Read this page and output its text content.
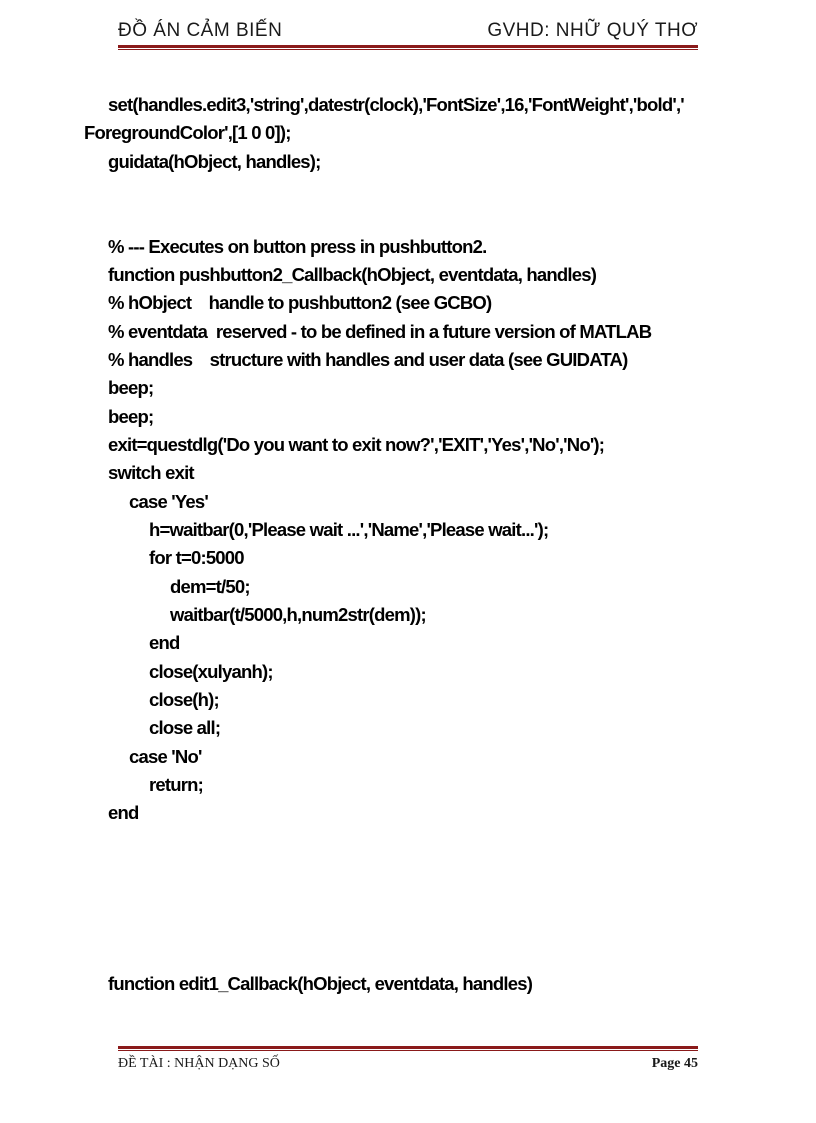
ĐỒ ÁN CẢM BIẾN	GVHD: NHỮ QUÝ THƠ

set(handles.edit3,'string',datestr(clock),'FontSize',16,'FontWeight','bold','

ForegroundColor',[1 0 0]);

guidata(hObject, handles);

% --- Executes on button press in pushbutton2.

function pushbutton2_Callback(hObject, eventdata, handles)

% hObject    handle to pushbutton2 (see GCBO)

% eventdata  reserved - to be defined in a future version of MATLAB

% handles    structure with handles and user data (see GUIDATA)

beep;

beep;

exit=questdlg('Do you want to exit now?','EXIT','Yes','No','No');

switch exit

case 'Yes'

h=waitbar(0,'Please wait ...','Name','Please wait...');

for t=0:5000

dem=t/50;

waitbar(t/5000,h,num2str(dem));

end

close(xulyanh);

close(h);

close all;

case 'No'

return;

end

function edit1_Callback(hObject, eventdata, handles)

ĐỀ TÀI : NHẬN DẠNG SỐ	Page 45
